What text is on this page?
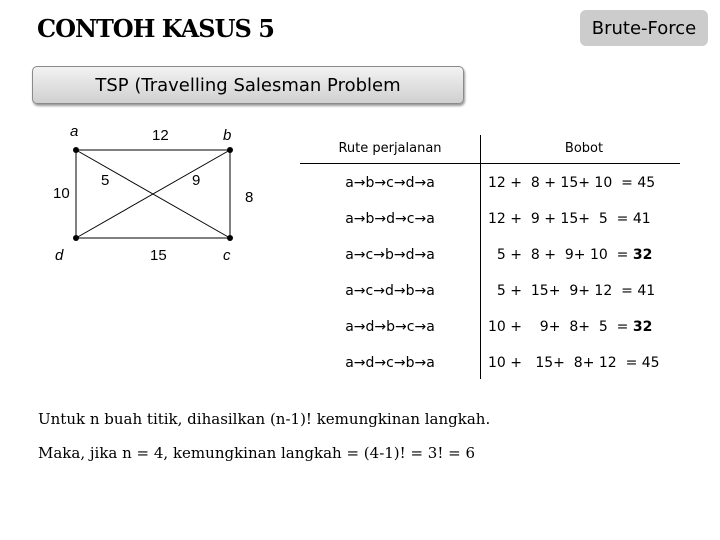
CONTOH KASUS 5	Brute-Force
TSP (Travelling Salesman Problem
a	b
c
d
12
10	8
15
5	9
Rute perjalanan	Bobot
a→b→c→d→a	12 +  8 + 15+ 10  = 45
a→b→d→c→a	12 +  9 + 15+  5  = 41
a→c→b→d→a	5 +  8 +  9+ 10  = 32
a→c→d→b→a	5 +  15+  9+ 12  = 41
a→d→b→c→a	10 +    9+  8+  5  = 32
a→d→c→b→a	10 +   15+  8+ 12  = 45
Untuk n buah titik, dihasilkan (n-1)! kemungkinan langkah.
Maka, jika n = 4, kemungkinan langkah = (4-1)! = 3! = 6
